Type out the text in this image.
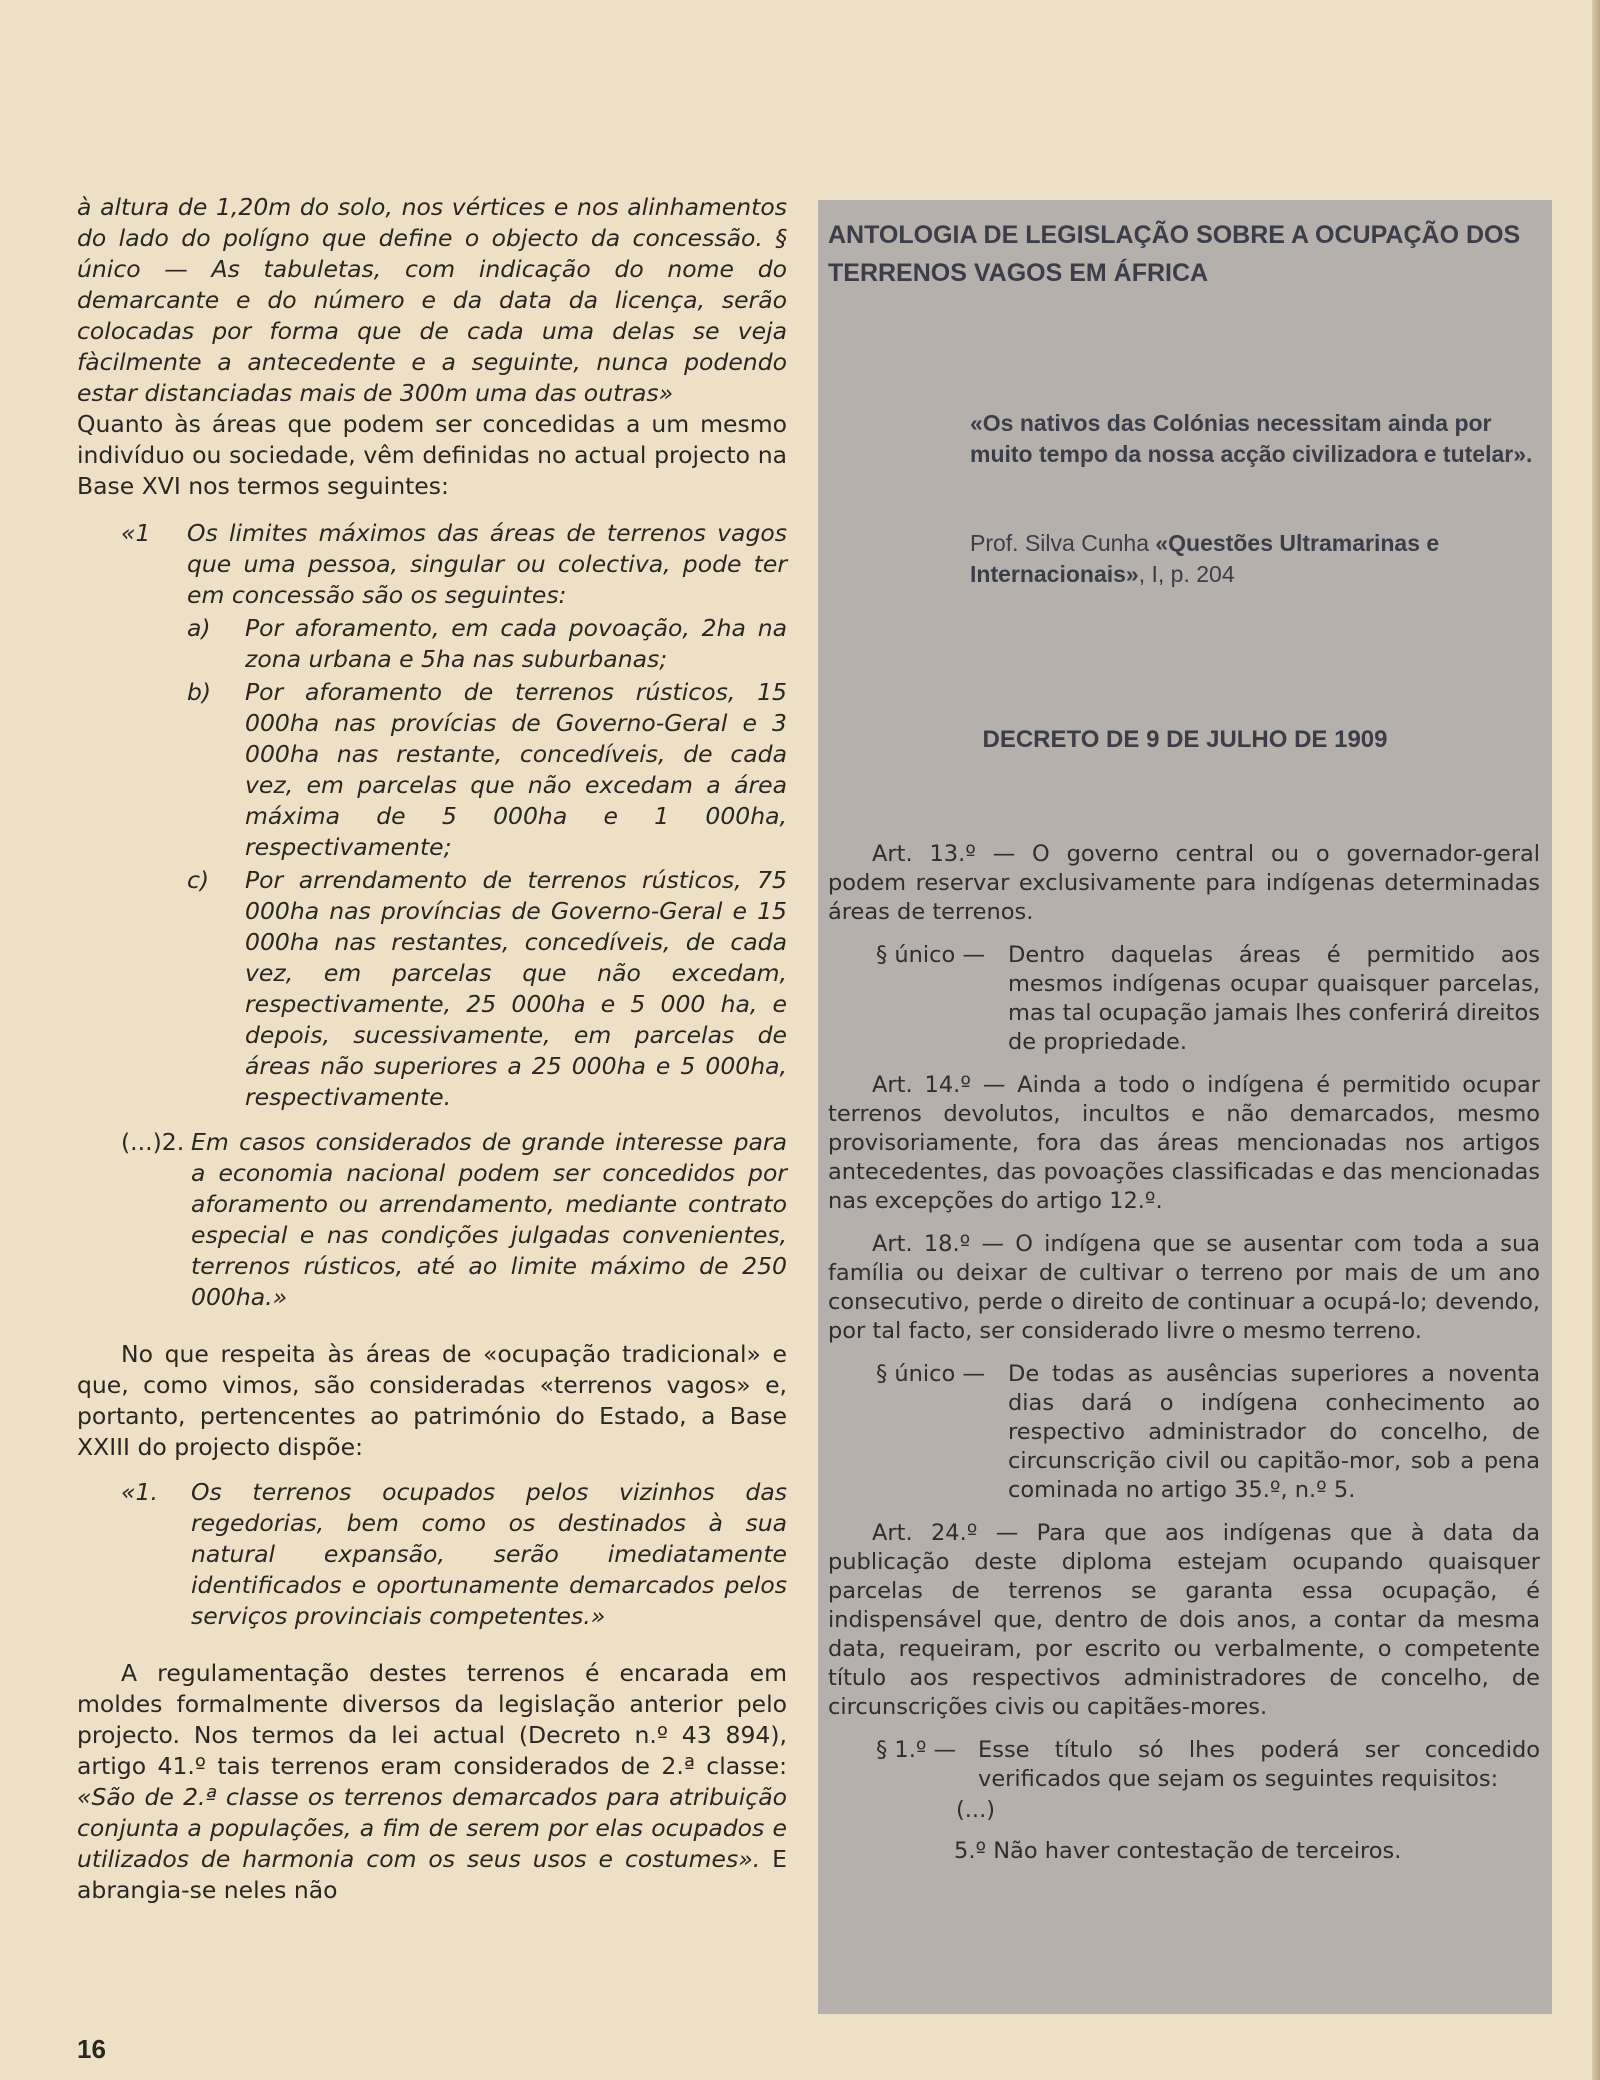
à altura de 1,20m do solo, nos vértices e nos alinhamentos do lado do polígno que define o objecto da concessão. § único — As tabuletas, com indicação do nome do demarcante e do número e da data da licença, serão colocadas por forma que de cada uma delas se veja fàcilmente a antecedente e a seguinte, nunca podendo estar distanciadas mais de 300m uma das outras»

Quanto às áreas que podem ser concedidas a um mesmo indivíduo ou sociedade, vêm definidas no actual projecto na Base XVI nos termos seguintes:

«1	Os limites máximos das áreas de terrenos vagos que uma pessoa, singular ou colectiva, pode ter em concessão são os seguintes:
a)	Por aforamento, em cada povoação, 2ha na zona urbana e 5ha nas suburbanas;
b)	Por aforamento de terrenos rústicos, 15 000ha nas provícias de Governo-Geral e 3 000ha nas restante, concedíveis, de cada vez, em parcelas que não excedam a área máxima de 5 000ha e 1 000ha, respectivamente;
c)	Por arrendamento de terrenos rústicos, 75 000ha nas províncias de Governo-Geral e 15 000ha nas restantes, concedíveis, de cada vez, em parcelas que não excedam, respectivamente, 25 000ha e 5 000 ha, e depois, sucessivamente, em parcelas de áreas não superiores a 25 000ha e 5 000ha, respectivamente.
(...)2. Em casos considerados de grande interesse para a economia nacional podem ser concedidos por aforamento ou arrendamento, mediante contrato especial e nas condições julgadas convenientes, terrenos rústicos, até ao limite máximo de 250 000ha.»

No que respeita às áreas de «ocupação tradicional» e que, como vimos, são consideradas «terrenos vagos» e, portanto, pertencentes ao património do Estado, a Base XXIII do projecto dispõe:

«1.	Os terrenos ocupados pelos vizinhos das regedorias, bem como os destinados à sua natural expansão, serão imediatamente identificados e oportunamente demarcados pelos serviços provinciais competentes.»

A regulamentação destes terrenos é encarada em moldes formalmente diversos da legislação anterior pelo projecto. Nos termos da lei actual (Decreto n.º 43 894), artigo 41.º tais terrenos eram considerados de 2.ª classe: «São de 2.ª classe os terrenos demarcados para atribuição conjunta a populações, a fim de serem por elas ocupados e utilizados de harmonia com os seus usos e costumes». E abrangia-se neles não

ANTOLOGIA DE LEGISLAÇÃO SOBRE A OCUPAÇÃO DOS TERRENOS VAGOS EM ÁFRICA
«Os nativos das Colónias necessitam ainda por muito tempo da nossa acção civilizadora e tutelar».
Prof. Silva Cunha «Questões Ultramarinas e Internacionais», I, p. 204
DECRETO DE 9 DE JULHO DE 1909

Art. 13.º — O governo central ou o governador-geral podem reservar exclusivamente para indígenas determinadas áreas de terrenos.

§ único —	Dentro daquelas áreas é permitido aos mesmos indígenas ocupar quaisquer parcelas, mas tal ocupação jamais lhes conferirá direitos de propriedade.

Art. 14.º — Ainda a todo o indígena é permitido ocupar terrenos devolutos, incultos e não demarcados, mesmo provisoriamente, fora das áreas mencionadas nos artigos antecedentes, das povoações classificadas e das mencionadas nas excepções do artigo 12.º.

Art. 18.º — O indígena que se ausentar com toda a sua família ou deixar de cultivar o terreno por mais de um ano consecutivo, perde o direito de continuar a ocupá-lo; devendo, por tal facto, ser considerado livre o mesmo terreno.

§ único —	De todas as ausências superiores a noventa dias dará o indígena conhecimento ao respectivo administrador do concelho, de circunscrição civil ou capitão-mor, sob a pena cominada no artigo 35.º, n.º 5.

Art. 24.º — Para que aos indígenas que à data da publicação deste diploma estejam ocupando quaisquer parcelas de terrenos se garanta essa ocupação, é indispensável que, dentro de dois anos, a contar da mesma data, requeiram, por escrito ou verbalmente, o competente título aos respectivos administradores de concelho, de circunscrições civis ou capitães-mores.

§ 1.º — Esse título só lhes poderá ser concedido verificados que sejam os seguintes requisitos:
(...)
5.º Não haver contestação de terceiros.
16
